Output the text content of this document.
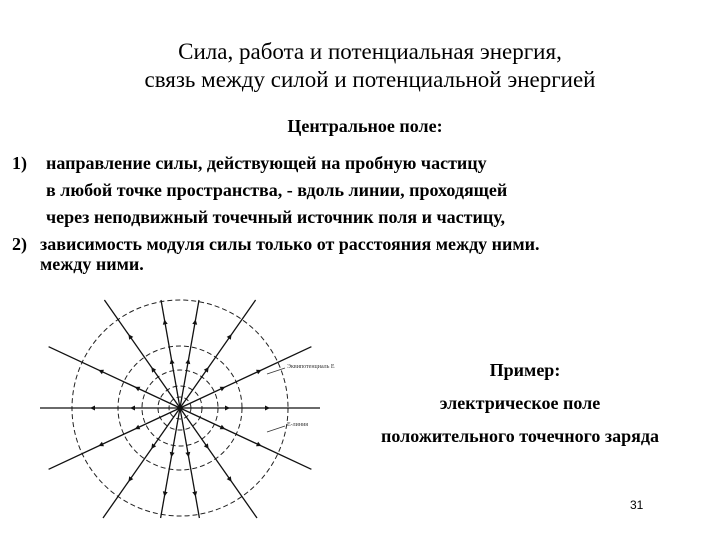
Сила, работа и потенциальная энергия,
связь между силой и потенциальной энергией
Центральное поле:
1) направление силы, действующей на пробную частицу
в любой точке пространства, - вдоль линии, проходящей
через неподвижный точечный источник поля и частицу,
2) зависимость модуля силы только от расстояния между ними.
между ними.
Эквипотенциаль E
E-линия
Пример:
электрическое поле
положительного точечного заряда
31
